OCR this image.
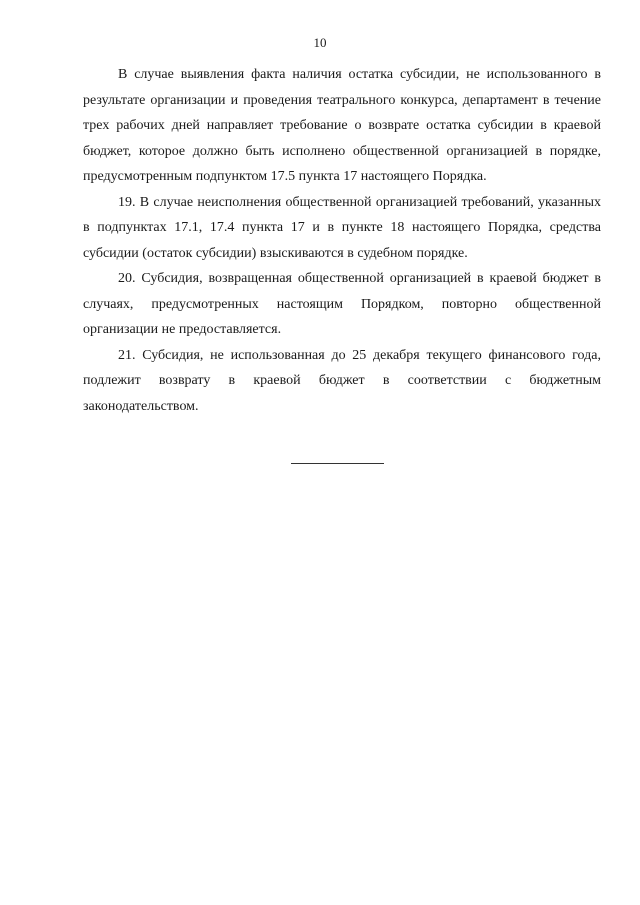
10

В случае выявления факта наличия остатка субсидии, не использованного в результате организации и проведения театрального конкурса, департамент в течение трех рабочих дней направляет требование о возврате остатка субсидии в краевой бюджет, которое должно быть исполнено общественной организацией в порядке, предусмотренным подпунктом 17.5 пункта 17 настоящего Порядка.

19. В случае неисполнения общественной организацией требований, указанных в подпунктах 17.1, 17.4 пункта 17 и в пункте 18 настоящего Порядка, средства субсидии (остаток субсидии) взыскиваются в судебном порядке.

20. Субсидия, возвращенная общественной организацией в краевой бюджет в случаях, предусмотренных настоящим Порядком, повторно общественной организации не предоставляется.

21. Субсидия, не использованная до 25 декабря текущего финансового года, подлежит возврату в краевой бюджет в соответствии с бюджетным законодательством.
